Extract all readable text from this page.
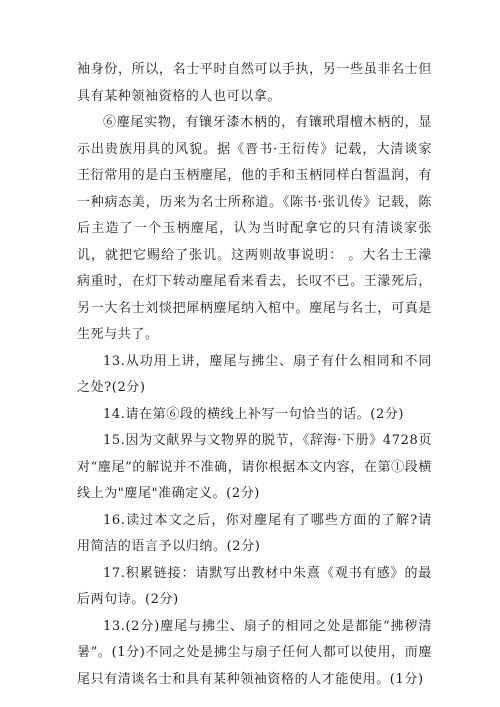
袖身份，所以，名士平时自然可以手执，另一些虽非名士但具有某种领袖资格的人也可以拿。

⑥麈尾实物，有镶牙漆木柄的，有镶玳瑁檀木柄的，显示出贵族用具的风貌。据《晋书·王衍传》记载，大清谈家王衍常用的是白玉柄麈尾，他的手和玉柄同样白皙温润，有一种病态美，历来为名士所称道。《陈书·张讥传》记载，陈后主造了一个玉柄麈尾，认为当时配拿它的只有清谈家张讥，就把它赐给了张讥。这两则故事说明： 。大名士王濛病重时，在灯下转动麈尾看来看去，长叹不已。王濛死后，另一大名士刘惔把犀柄麈尾纳入棺中。麈尾与名士，可真是生死与共了。

13.从功用上讲，麈尾与拂尘、扇子有什么相同和不同之处?(2分)

14.请在第⑥段的横线上补写一句恰当的话。(2分)

15.因为文献界与文物界的脱节，《辞海·下册》4728页对“麈尾”的解说并不准确，请你根据本文内容，在第①段横线上为"麈尾"准确定义。(2分)

16.读过本文之后，你对麈尾有了哪些方面的了解?请用简洁的语言予以归纳。(2分)

17.积累链接：请默写出教材中朱熹《观书有感》的最后两句诗。(2分)

13.(2分)麈尾与拂尘、扇子的相同之处是都能“拂秽清暑”。(1分)不同之处是拂尘与扇子任何人都可以使用，而麈尾只有清谈名士和具有某种领袖资格的人才能使用。(1分)
